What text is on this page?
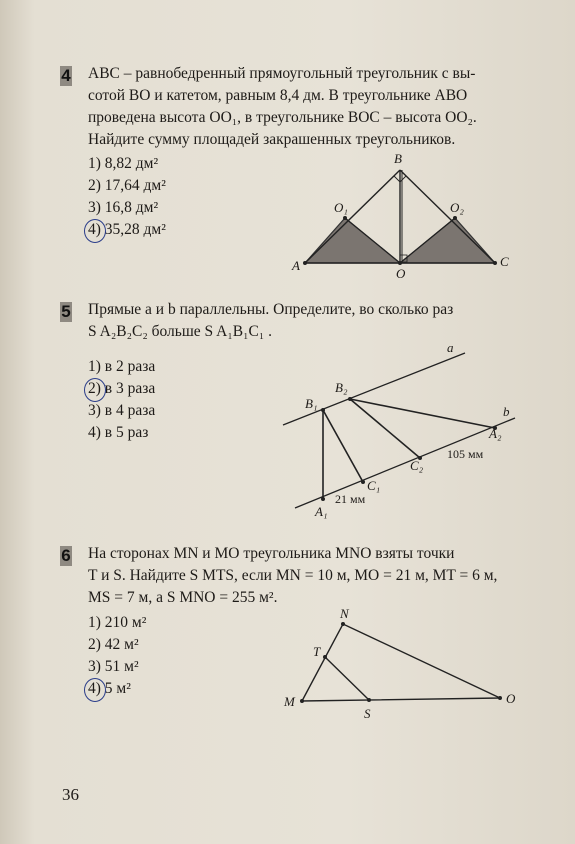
4 ABC – равнобедренный прямоугольный треугольник с вы-
сотой BO и катетом, равным 8,4 дм. В треугольнике ABO
проведена высота OO₁, в треугольнике BOC – высота OO₂.
Найдите сумму площадей закрашенных треугольников.
1) 8,82 дм²
2) 17,64 дм²
3) 16,8 дм²
4) 35,28 дм²
B
A	C
O
O₁	O₂
5 Прямые a и b параллельны. Определите, во сколько раз
S A₂B₂C₂ больше S A₁B₁C₁ .
1) в 2 раза
2) в 3 раза
3) в 4 раза
4) в 5 раз
a
b
B₁
B₂
A₂
C₂
C₁
A₁
21 мм
105 мм
6 На сторонах MN и MO треугольника MNO взяты точки
T и S. Найдите S MTS, если MN = 10 м, MO = 21 м, MT = 6 м,
MS = 7 м, а S MNO = 255 м².
1) 210 м²
2) 42 м²
3) 51 м²
4) 5 м²
N
M	O
T
S
36
